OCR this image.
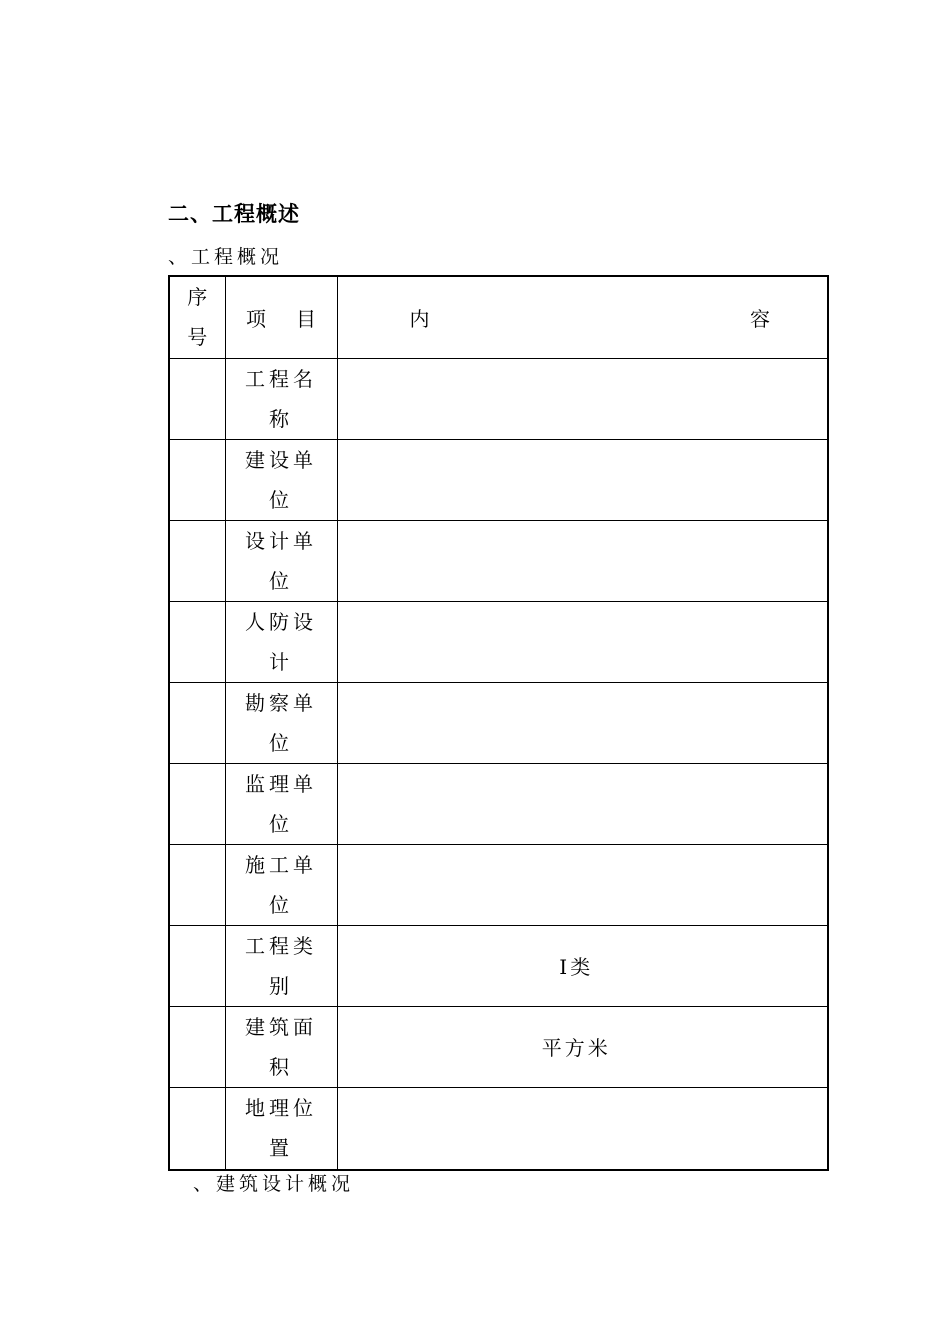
二、工程概述
、工程概况
序号	项 目	内 容

	工程名称	

	建设单位	

	设计单位	

	人防设计	

	勘察单位	

	监理单位	

	施工单位	

	工程类别	Ⅰ类

	建筑面积	平方米

	地理位置	

、建筑设计概况
